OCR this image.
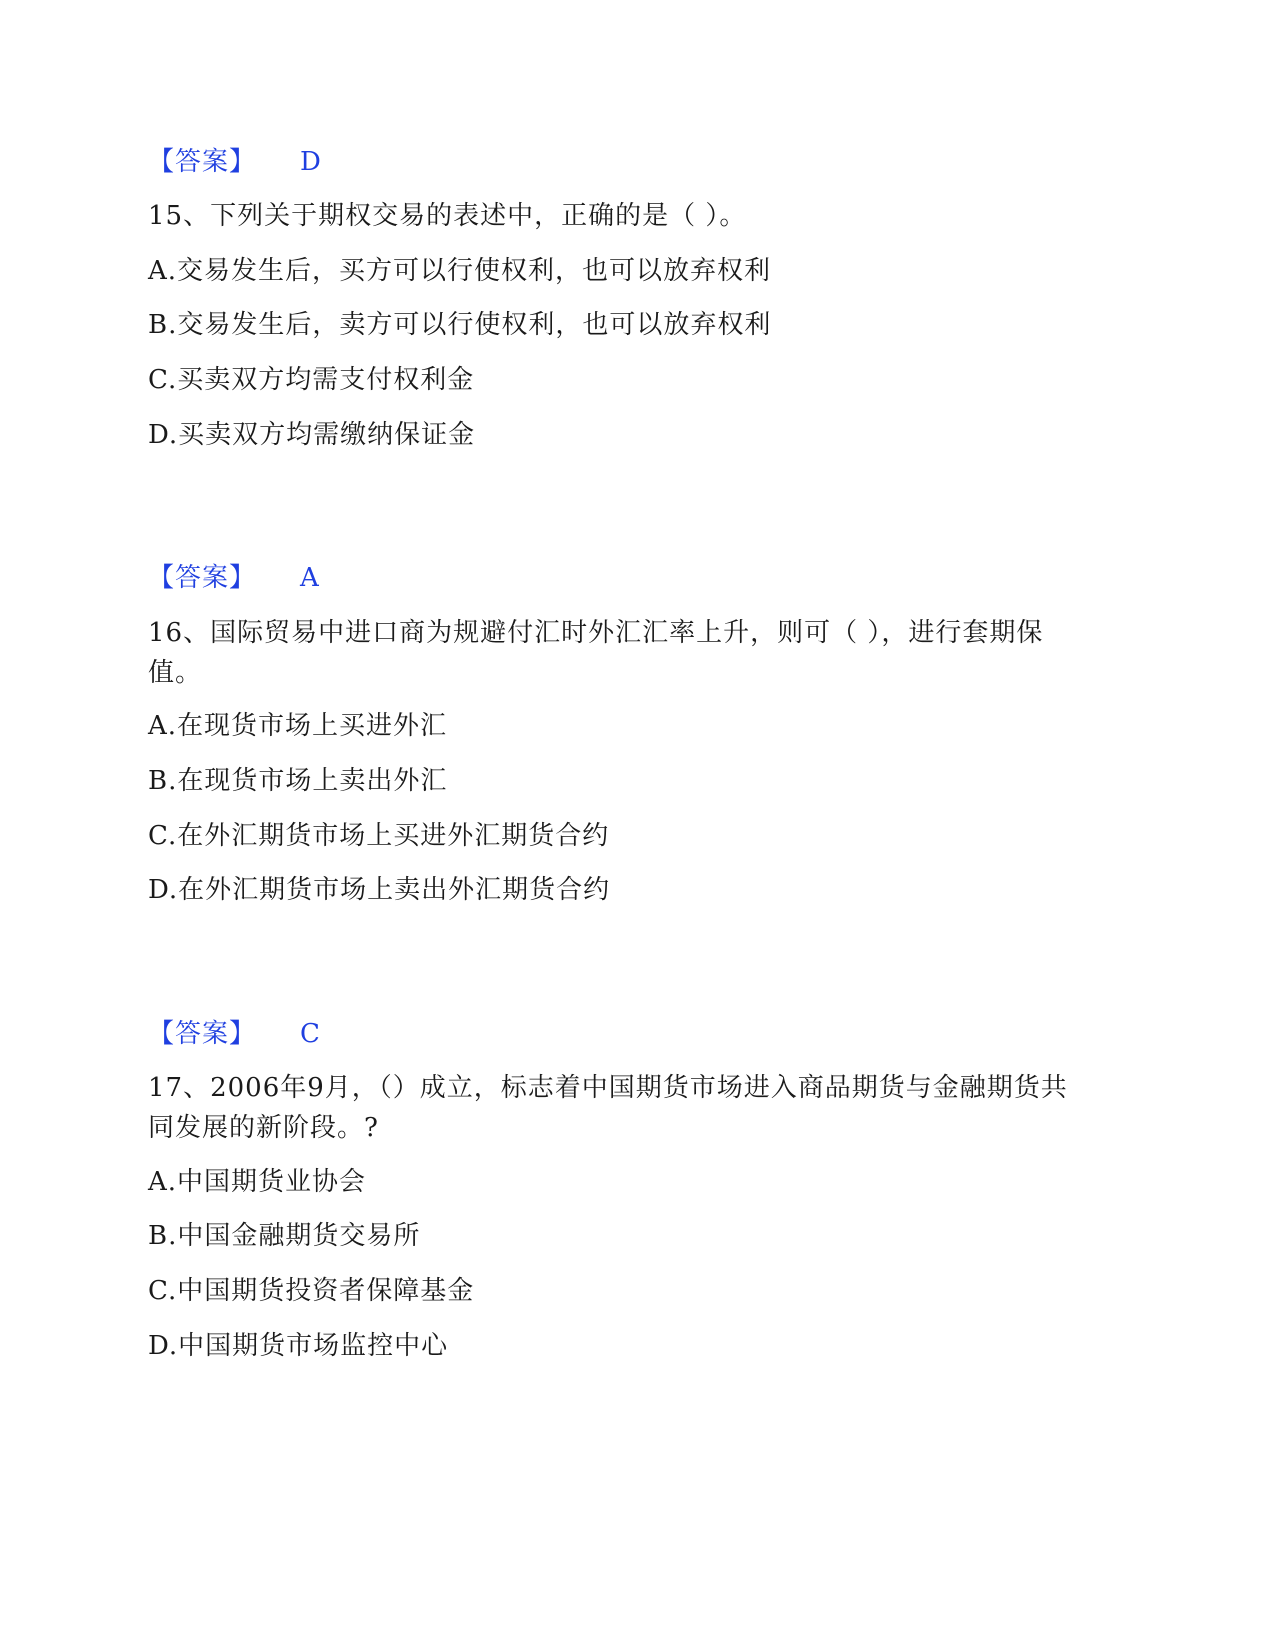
【答案】 D
15、下列关于期权交易的表述中，正确的是（ ）。
A.交易发生后，买方可以行使权利，也可以放弃权利
B.交易发生后，卖方可以行使权利，也可以放弃权利
C.买卖双方均需支付权利金
D.买卖双方均需缴纳保证金
【答案】 A
16、国际贸易中进口商为规避付汇时外汇汇率上升，则可（ ），进行套期保值。
A.在现货市场上买进外汇
B.在现货市场上卖出外汇
C.在外汇期货市场上买进外汇期货合约
D.在外汇期货市场上卖出外汇期货合约
【答案】 C
17、2006年9月，（）成立，标志着中国期货市场进入商品期货与金融期货共同发展的新阶段。?
A.中国期货业协会
B.中国金融期货交易所
C.中国期货投资者保障基金
D.中国期货市场监控中心
